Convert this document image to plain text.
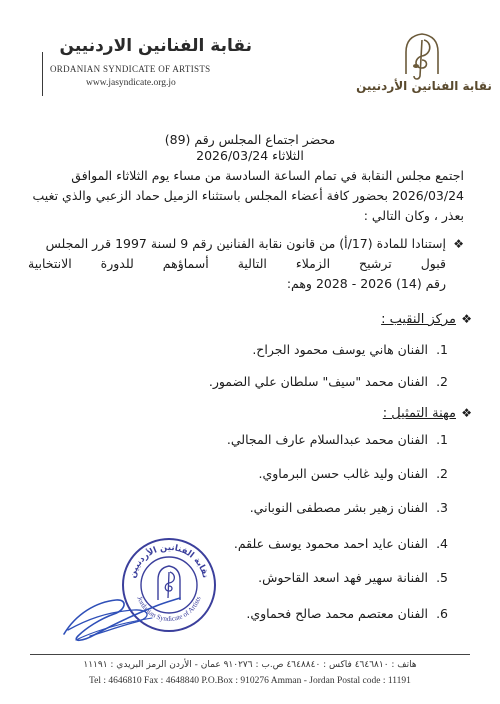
نقابة الفنانين الأردنيين
نقابة الفنانين الاردنيين
ORDANIAN SYNDICATE OF ARTISTS
www.jasyndicate.org.jo
محضر اجتماع المجلس رقم (89)
الثلاثاء 2026/03/24
اجتمع مجلس النقابة في تمام الساعة السادسة من مساء يوم الثلاثاء الموافق
2026/03/24 بحضور كافة أعضاء المجلس باستثناء الزميل حماد الزعبي والذي تغيب
بعذر ، وكان التالي :
❖إستنادا للمادة (17/أ) من قانون نقابة الفنانين رقم 9 لسنة 1997 قرر المجلس
قبول ترشيح الزملاء التالية أسماؤهم للدورة الانتخابية
رقم (14) 2026 - 2028 وهم:
❖
مركز النقيب :
1.الفنان هاني يوسف محمود الجراح.
2.الفنان محمد "سيف" سلطان علي الضمور.
❖
مهنة التمثيل :
1.الفنان محمد عبدالسلام عارف المجالي.
2.الفنان وليد غالب حسن البرماوي.
3.الفنان زهير بشر مصطفى النوباني.
4.الفنان عايد احمد محمود يوسف علقم.
5.الفنانة سهير فهد اسعد القاحوش.
6.الفنان معتصم محمد صالح فحماوي.
نقابة الفنانين الأردنيين
Jordanian Syndicate of Artists
هاتف : ٤٦٤٦٨١٠ فاكس : ٤٦٤٨٨٤٠ ص.ب : ٩١٠٢٧٦ عمان - الأردن الرمز البريدي : ١١١٩١
Tel : 4646810 Fax : 4648840 P.O.Box : 910276 Amman - Jordan Postal code : 11191
